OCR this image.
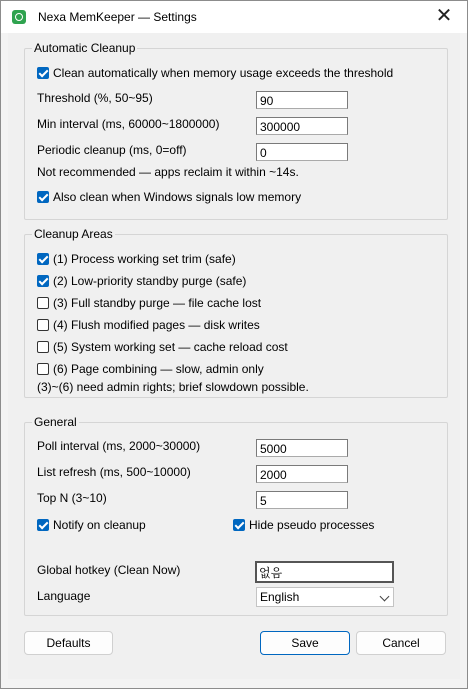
Nexa MemKeeper — Settings	✕
Automatic Cleanup
Clean automatically when memory usage exceeds the threshold
Threshold (%, 50~95)	90
Min interval (ms, 60000~1800000)	300000
Periodic cleanup (ms, 0=off)	0
Not recommended — apps reclaim it within ~14s.
Also clean when Windows signals low memory
Cleanup Areas
(1) Process working set trim (safe)
(2) Low-priority standby purge (safe)
(3) Full standby purge — file cache lost
(4) Flush modified pages — disk writes
(5) System working set — cache reload cost
(6) Page combining — slow, admin only
(3)~(6) need admin rights; brief slowdown possible.
General
Poll interval (ms, 2000~30000)	5000
List refresh (ms, 500~10000)	2000
Top N (3~10)	5
Notify on cleanup	Hide pseudo processes
Global hotkey (Clean Now)	없음
Language	English
Defaults	Save	Cancel
